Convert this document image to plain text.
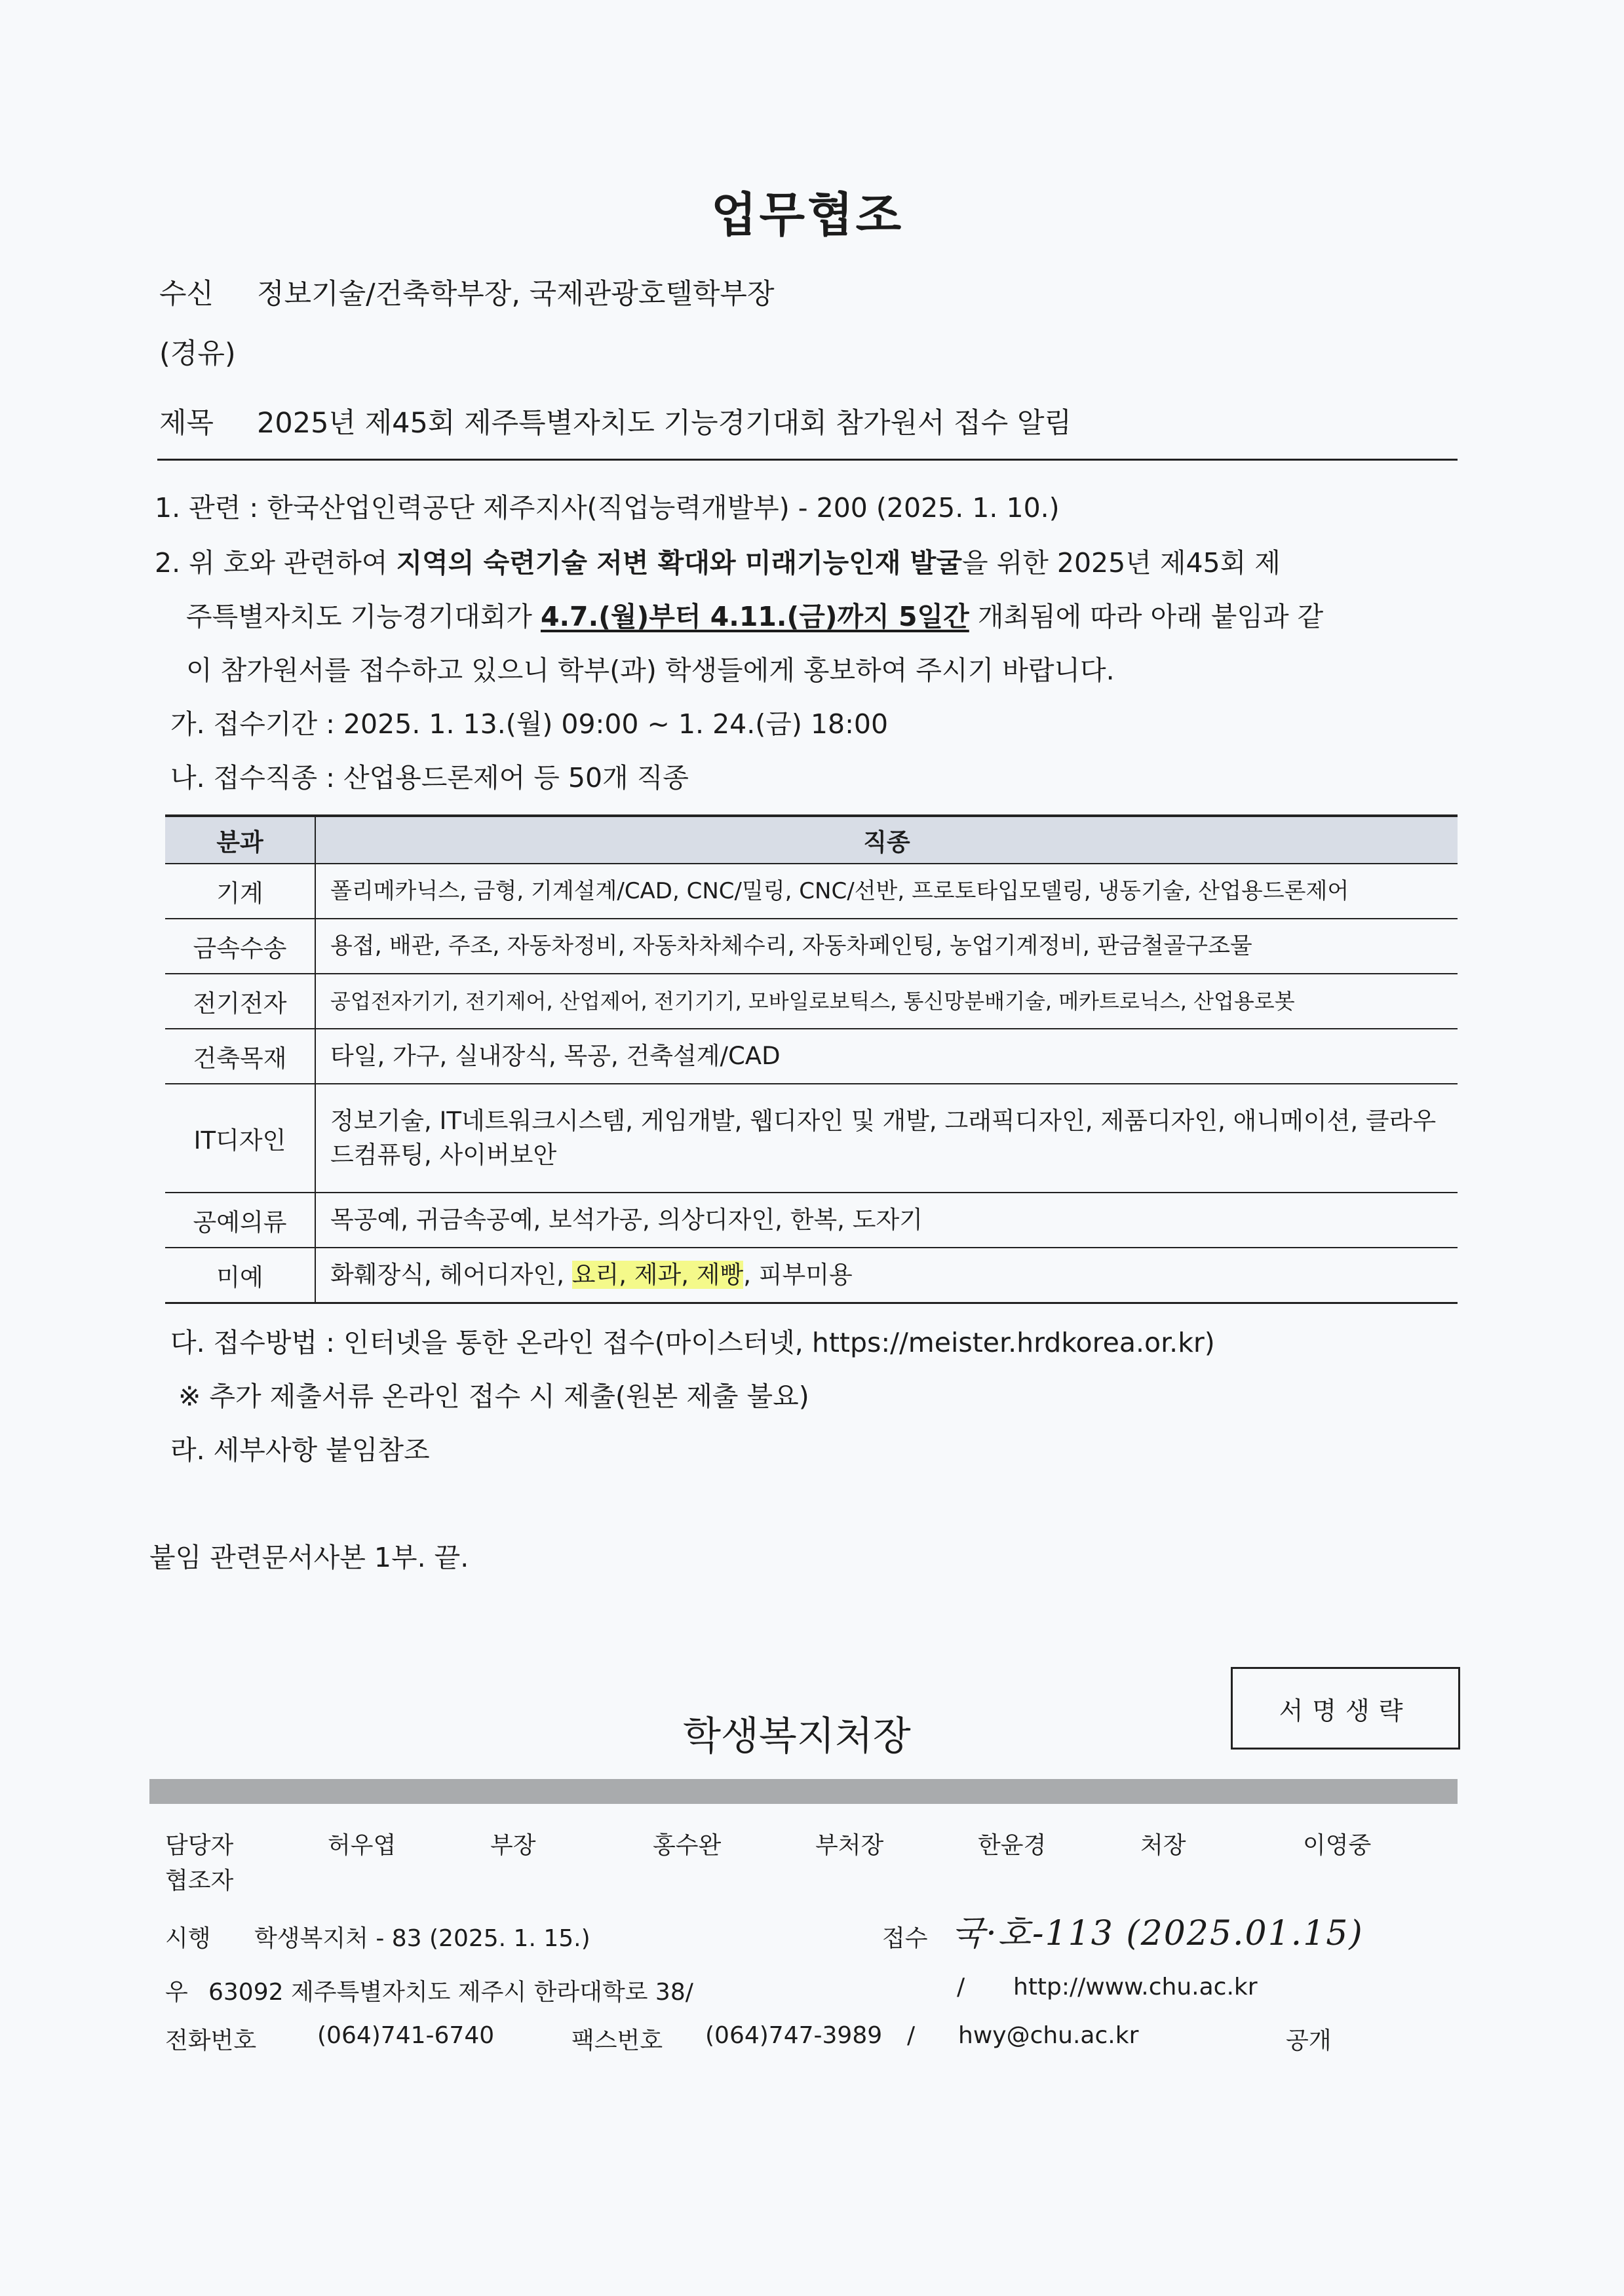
업무협조
수신 정보기술/건축학부장, 국제관광호텔학부장
(경유)
제목 2025년 제45회 제주특별자치도 기능경기대회 참가원서 접수 알림
1. 관련 : 한국산업인력공단 제주지사(직업능력개발부) - 200 (2025. 1. 10.)
2. 위 호와 관련하여 지역의 숙련기술 저변 확대와 미래기능인재 발굴을 위한 2025년 제45회 제
주특별자치도 기능경기대회가 4.7.(월)부터 4.11.(금)까지 5일간 개최됨에 따라 아래 붙임과 같
이 참가원서를 접수하고 있으니 학부(과) 학생들에게 홍보하여 주시기 바랍니다.
가. 접수기간 : 2025. 1. 13.(월) 09:00 ~ 1. 24.(금) 18:00
나. 접수직종 : 산업용드론제어 등 50개 직종
분과	직종
기계	폴리메카닉스, 금형, 기계설계/CAD, CNC/밀링, CNC/선반, 프로토타입모델링, 냉동기술, 산업용드론제어
금속수송	용접, 배관, 주조, 자동차정비, 자동차차체수리, 자동차페인팅, 농업기계정비, 판금철골구조물
전기전자	공업전자기기, 전기제어, 산업제어, 전기기기, 모바일로보틱스, 통신망분배기술, 메카트로닉스, 산업용로봇
건축목재	타일, 가구, 실내장식, 목공, 건축설계/CAD
IT디자인	정보기술, IT네트워크시스템, 게임개발, 웹디자인 및 개발, 그래픽디자인, 제품디자인, 애니메이션, 클라우드컴퓨팅, 사이버보안
공예의류	목공예, 귀금속공예, 보석가공, 의상디자인, 한복, 도자기
미예	화훼장식, 헤어디자인, 요리, 제과, 제빵, 피부미용
다. 접수방법 : 인터넷을 통한 온라인 접수(마이스터넷, https://meister.hrdkorea.or.kr)
※ 추가 제출서류 온라인 접수 시 제출(원본 제출 불요)
라. 세부사항 붙임참조
붙임 관련문서사본 1부. 끝.
서명생략
학생복지처장
담당자	허우엽	부장	홍수완	부처장	한윤경	처장	이영중
협조자
시행 학생복지처 - 83 (2025. 1. 15.)	접수 국·호-113 (2025.01.15)
우 63092 제주특별자치도 제주시 한라대학로 38/	/ http://www.chu.ac.kr
전화번호	(064)741-6740	팩스번호 (064)747-3989 / hwy@chu.ac.kr	공개
